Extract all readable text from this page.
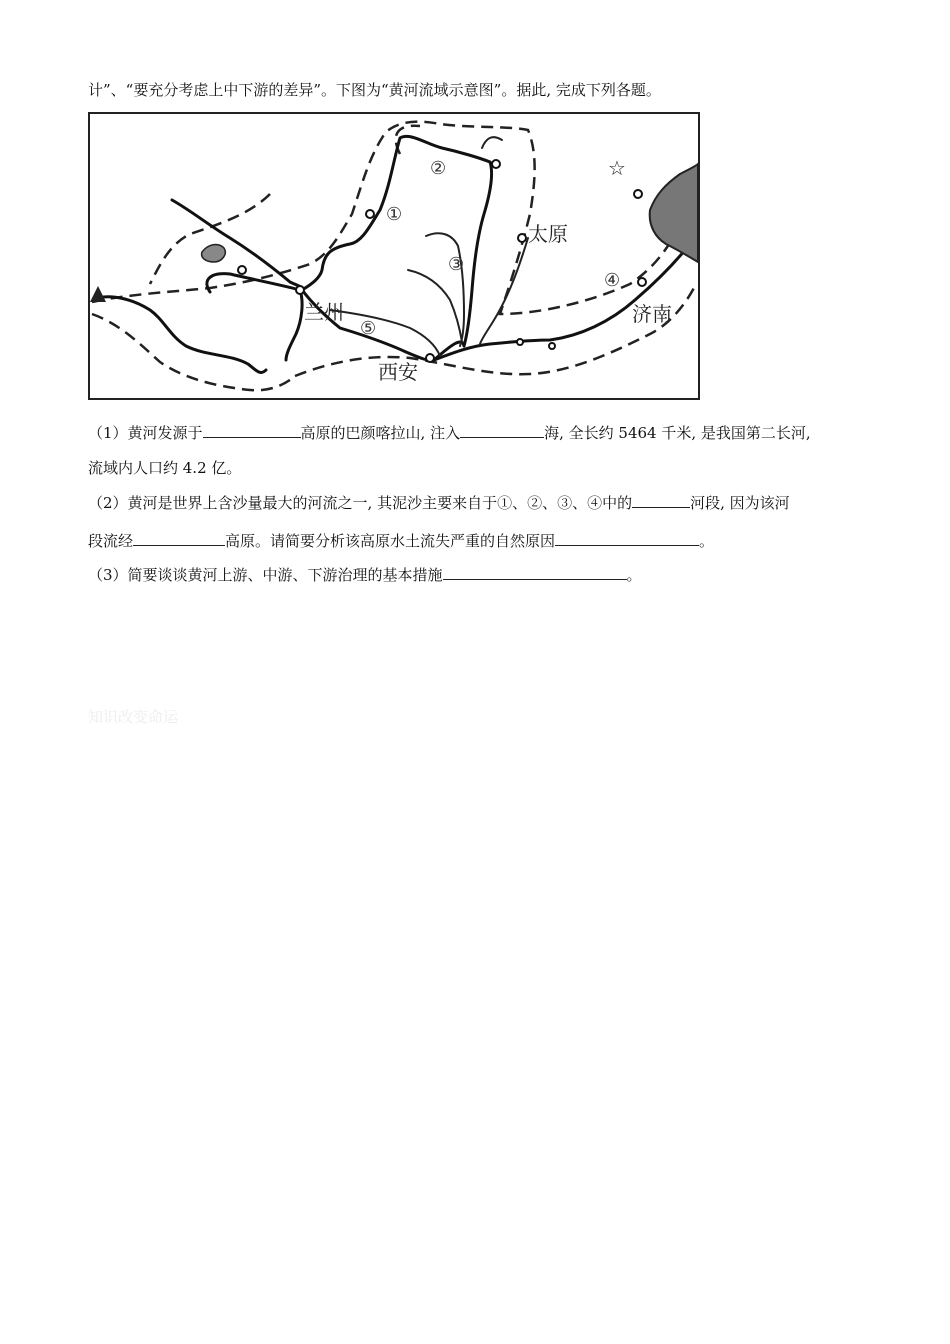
计”、“要充分考虑上中下游的差异”。下图为“黄河流域示意图”。据此, 完成下列各题。
①
②
③
④
⑤
太原
兰州
西安
济南
☆
（1）黄河发源于	高原的巴颜喀拉山, 注入	海, 全长约 5464 千米, 是我国第二长河,
流域内人口约 4.2 亿。
（2）黄河是世界上含沙量最大的河流之一, 其泥沙主要来自于①、②、③、④中的	河段, 因为该河
段流经	高原。请简要分析该高原水土流失严重的自然原因	。
（3）简要谈谈黄河上游、中游、下游治理的基本措施	。
知识改变命运
